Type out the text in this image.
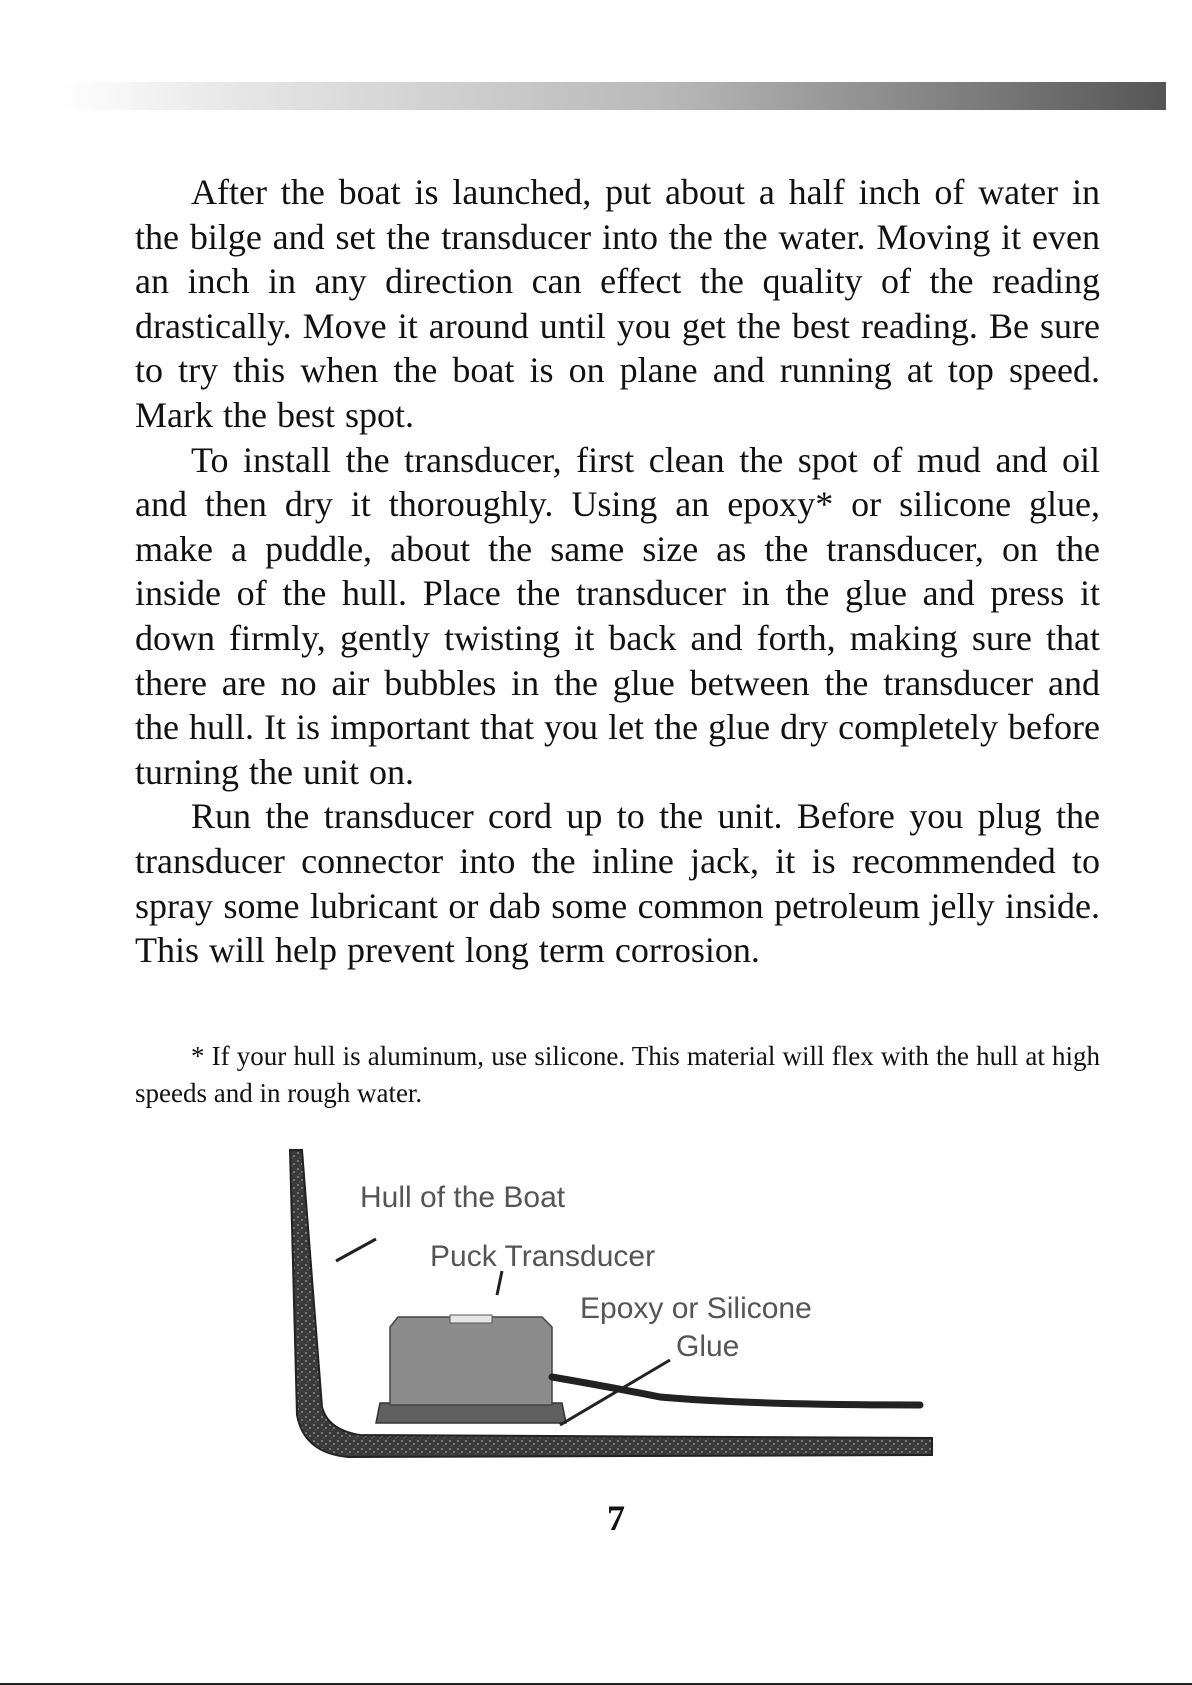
After the boat is launched, put about a half inch of water in the bilge and set the transducer into the the water. Moving it even an inch in any direction can effect the quality of the reading drastically. Move it around until you get the best reading. Be sure to try this when the boat is on plane and running at top speed. Mark the best spot.

To install the transducer, first clean the spot of mud and oil and then dry it thoroughly. Using an epoxy* or silicone glue, make a puddle, about the same size as the transducer, on the inside of the hull. Place the transducer in the glue and press it down firmly, gently twisting it back and forth, making sure that there are no air bubbles in the glue between the transducer and the hull. It is important that you let the glue dry completely before turning the unit on.

Run the transducer cord up to the unit. Before you plug the transducer connector into the inline jack, it is recommended to spray some lubricant or dab some common petroleum jelly inside. This will help prevent long term corrosion.

* If your hull is aluminum, use silicone. This material will flex with the hull at high speeds and in rough water.

Hull of the Boat
Puck Transducer
Epoxy or Silicone
Glue
7
